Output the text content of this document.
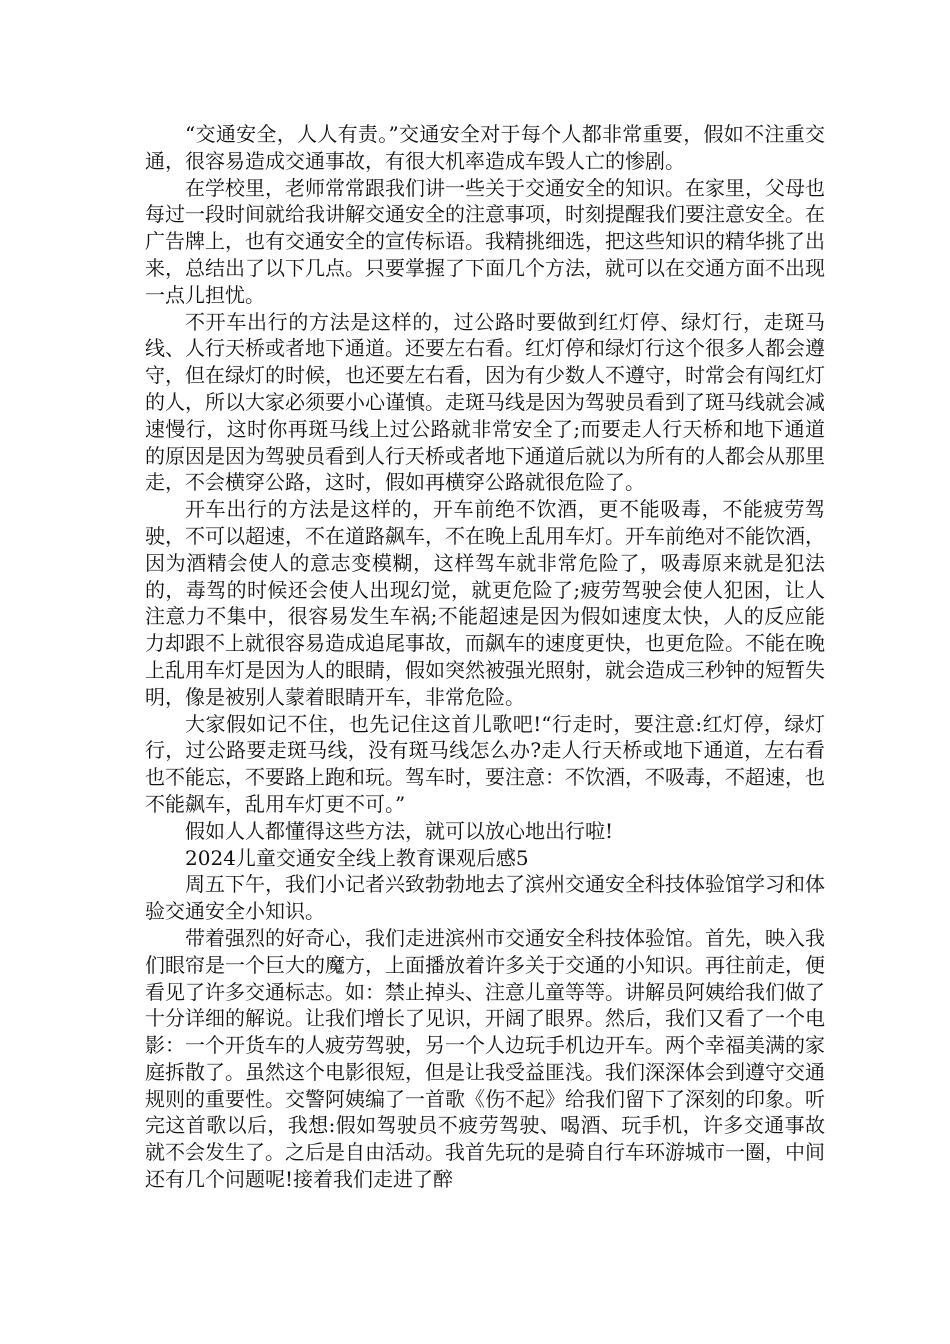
“交通安全，人人有责。”交通安全对于每个人都非常重要，假如不注重交通，很容易造成交通事故，有很大机率造成车毁人亡的惨剧。

在学校里，老师常常跟我们讲一些关于交通安全的知识。在家里，父母也每过一段时间就给我讲解交通安全的注意事项，时刻提醒我们要注意安全。在广告牌上，也有交通安全的宣传标语。我精挑细选，把这些知识的精华挑了出来，总结出了以下几点。只要掌握了下面几个方法，就可以在交通方面不出现一点儿担忧。

不开车出行的方法是这样的，过公路时要做到红灯停、绿灯行，走斑马线、人行天桥或者地下通道。还要左右看。红灯停和绿灯行这个很多人都会遵守，但在绿灯的时候，也还要左右看，因为有少数人不遵守，时常会有闯红灯的人，所以大家必须要小心谨慎。走斑马线是因为驾驶员看到了斑马线就会减速慢行，这时你再斑马线上过公路就非常安全了;而要走人行天桥和地下通道的原因是因为驾驶员看到人行天桥或者地下通道后就以为所有的人都会从那里走，不会横穿公路，这时，假如再横穿公路就很危险了。

开车出行的方法是这样的，开车前绝不饮酒，更不能吸毒，不能疲劳驾驶，不可以超速，不在道路飙车，不在晚上乱用车灯。开车前绝对不能饮酒，因为酒精会使人的意志变模糊，这样驾车就非常危险了，吸毒原来就是犯法的，毒驾的时候还会使人出现幻觉，就更危险了;疲劳驾驶会使人犯困，让人注意力不集中，很容易发生车祸;不能超速是因为假如速度太快，人的反应能力却跟不上就很容易造成追尾事故，而飙车的速度更快，也更危险。不能在晚上乱用车灯是因为人的眼睛，假如突然被强光照射，就会造成三秒钟的短暂失明，像是被别人蒙着眼睛开车，非常危险。

大家假如记不住，也先记住这首儿歌吧!“行走时，要注意:红灯停，绿灯行，过公路要走斑马线，没有斑马线怎么办?走人行天桥或地下通道，左右看也不能忘，不要路上跑和玩。驾车时，要注意：不饮酒，不吸毒，不超速，也不能飙车，乱用车灯更不可。”

假如人人都懂得这些方法，就可以放心地出行啦!

2024儿童交通安全线上教育课观后感5

周五下午，我们小记者兴致勃勃地去了滨州交通安全科技体验馆学习和体验交通安全小知识。

带着强烈的好奇心，我们走进滨州市交通安全科技体验馆。首先，映入我们眼帘是一个巨大的魔方，上面播放着许多关于交通的小知识。再往前走，便看见了许多交通标志。如：禁止掉头、注意儿童等等。讲解员阿姨给我们做了十分详细的解说。让我们增长了见识，开阔了眼界。然后，我们又看了一个电影：一个开货车的人疲劳驾驶，另一个人边玩手机边开车。两个幸福美满的家庭拆散了。虽然这个电影很短，但是让我受益匪浅。我们深深体会到遵守交通规则的重要性。交警阿姨编了一首歌《伤不起》给我们留下了深刻的印象。听完这首歌以后，我想:假如驾驶员不疲劳驾驶、喝酒、玩手机，许多交通事故就不会发生了。之后是自由活动。我首先玩的是骑自行车环游城市一圈，中间还有几个问题呢!接着我们走进了醉
